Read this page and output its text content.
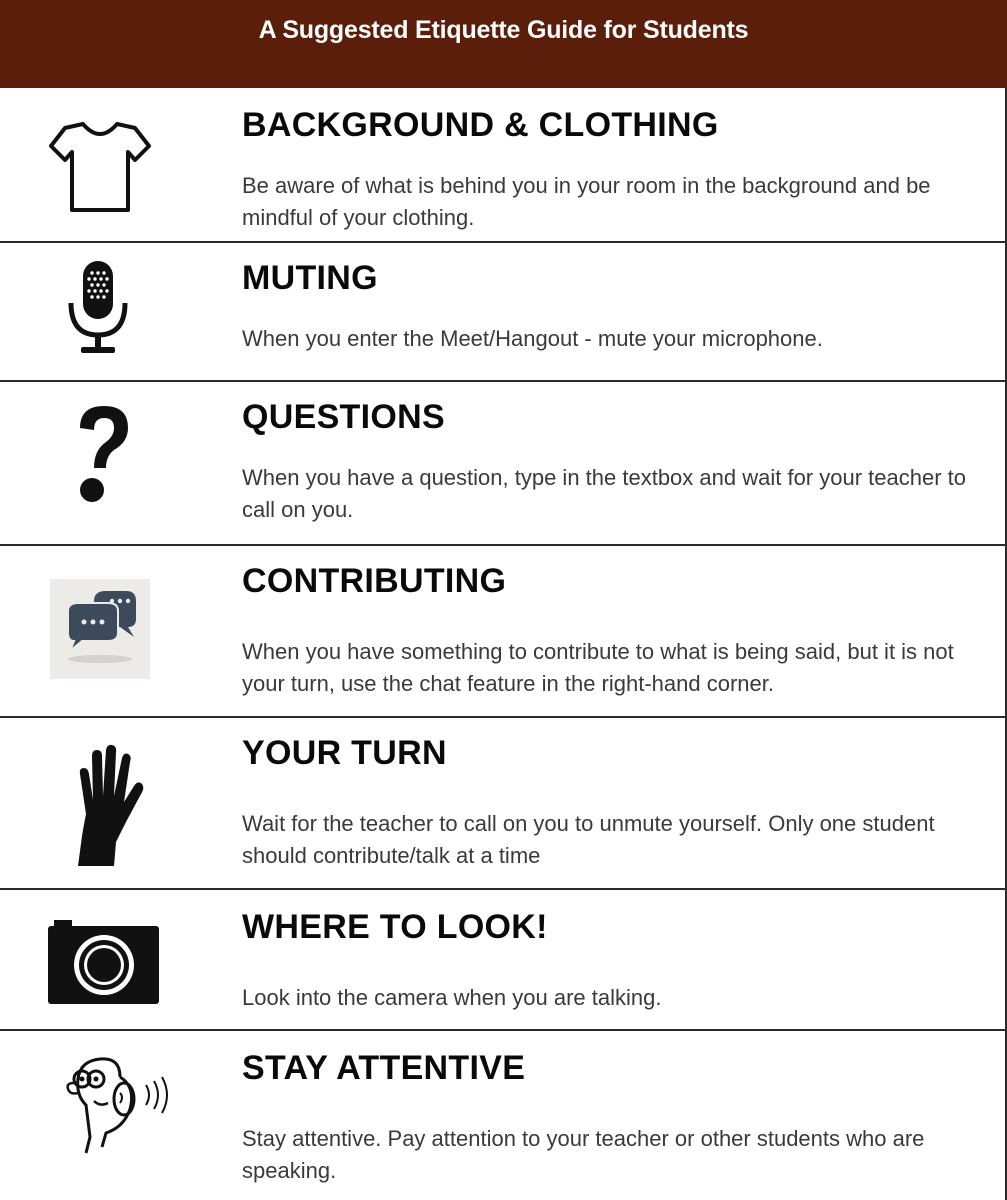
A Suggested Etiquette Guide for Students
BACKGROUND & CLOTHING
Be aware of what is behind you in your room in the background and be mindful of your clothing.
MUTING
When you enter the Meet/Hangout - mute your microphone.
QUESTIONS
When you have a question, type in the textbox and wait for your teacher to call on you.
CONTRIBUTING
When you have something to contribute to what is being said, but it is not your turn, use the chat feature in the right-hand corner.
YOUR TURN
Wait for the teacher to call on you to unmute yourself. Only one student should contribute/talk at a time
WHERE TO LOOK!
Look into the camera when you are talking.
STAY ATTENTIVE
Stay attentive. Pay attention to your teacher or other students who are speaking.
